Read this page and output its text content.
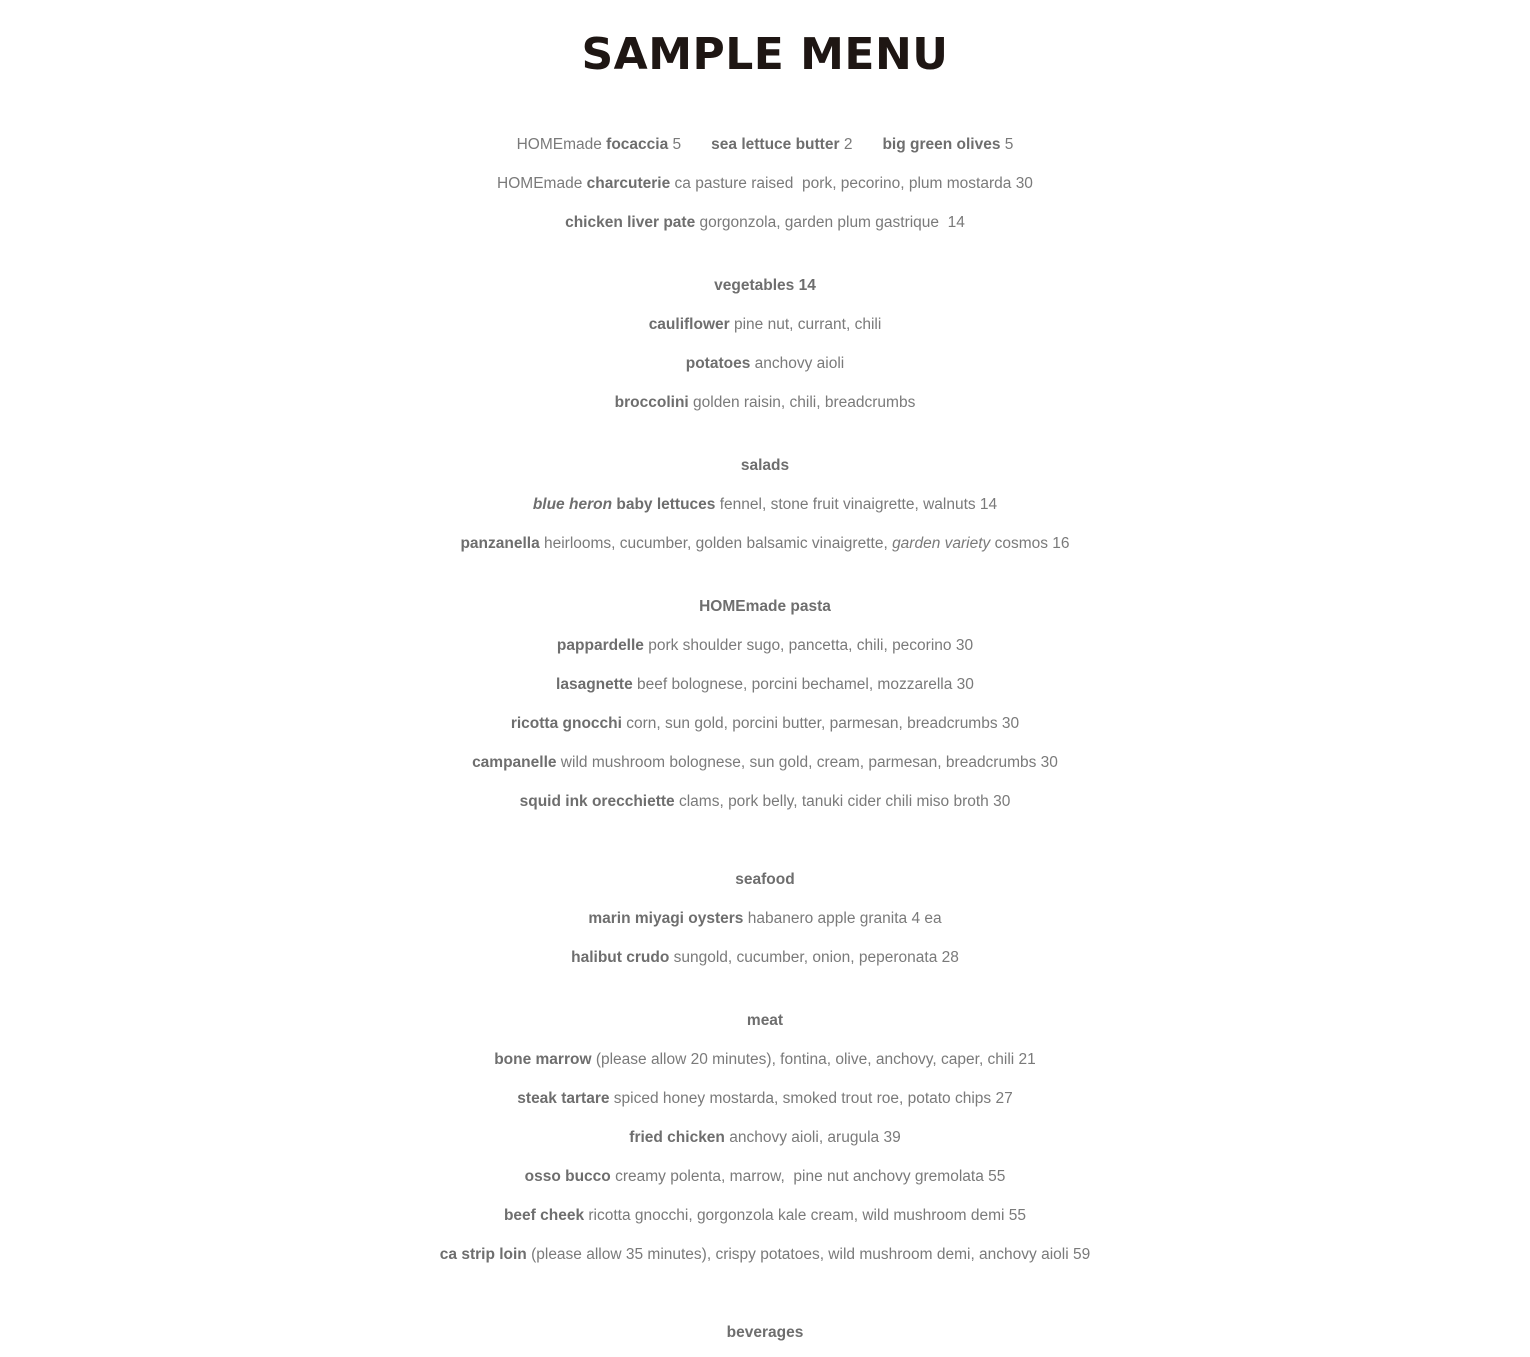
SAMPLE MENU
HOMEmade focaccia 5 sea lettuce butter 2 big green olives 5
HOMEmade charcuterie ca pasture raised  pork, pecorino, plum mostarda 30
chicken liver pate gorgonzola, garden plum gastrique  14
vegetables 14
cauliflower pine nut, currant, chili
potatoes anchovy aioli
broccolini golden raisin, chili, breadcrumbs
salads
blue heron baby lettuces fennel, stone fruit vinaigrette, walnuts 14
panzanella heirlooms, cucumber, golden balsamic vinaigrette, garden variety cosmos 16
HOMEmade pasta
pappardelle pork shoulder sugo, pancetta, chili, pecorino 30
lasagnette beef bolognese, porcini bechamel, mozzarella 30
ricotta gnocchi corn, sun gold, porcini butter, parmesan, breadcrumbs 30
campanelle wild mushroom bolognese, sun gold, cream, parmesan, breadcrumbs 30
squid ink orecchiette clams, pork belly, tanuki cider chili miso broth 30
seafood
marin miyagi oysters habanero apple granita 4 ea
halibut crudo sungold, cucumber, onion, peperonata 28
meat
bone marrow (please allow 20 minutes), fontina, olive, anchovy, caper, chili 21
steak tartare spiced honey mostarda, smoked trout roe, potato chips 27
fried chicken anchovy aioli, arugula 39
osso bucco creamy polenta, marrow,  pine nut anchovy gremolata 55
beef cheek ricotta gnocchi, gorgonzola kale cream, wild mushroom demi 55
ca strip loin (please allow 35 minutes), crispy potatoes, wild mushroom demi, anchovy aioli 59
beverages
